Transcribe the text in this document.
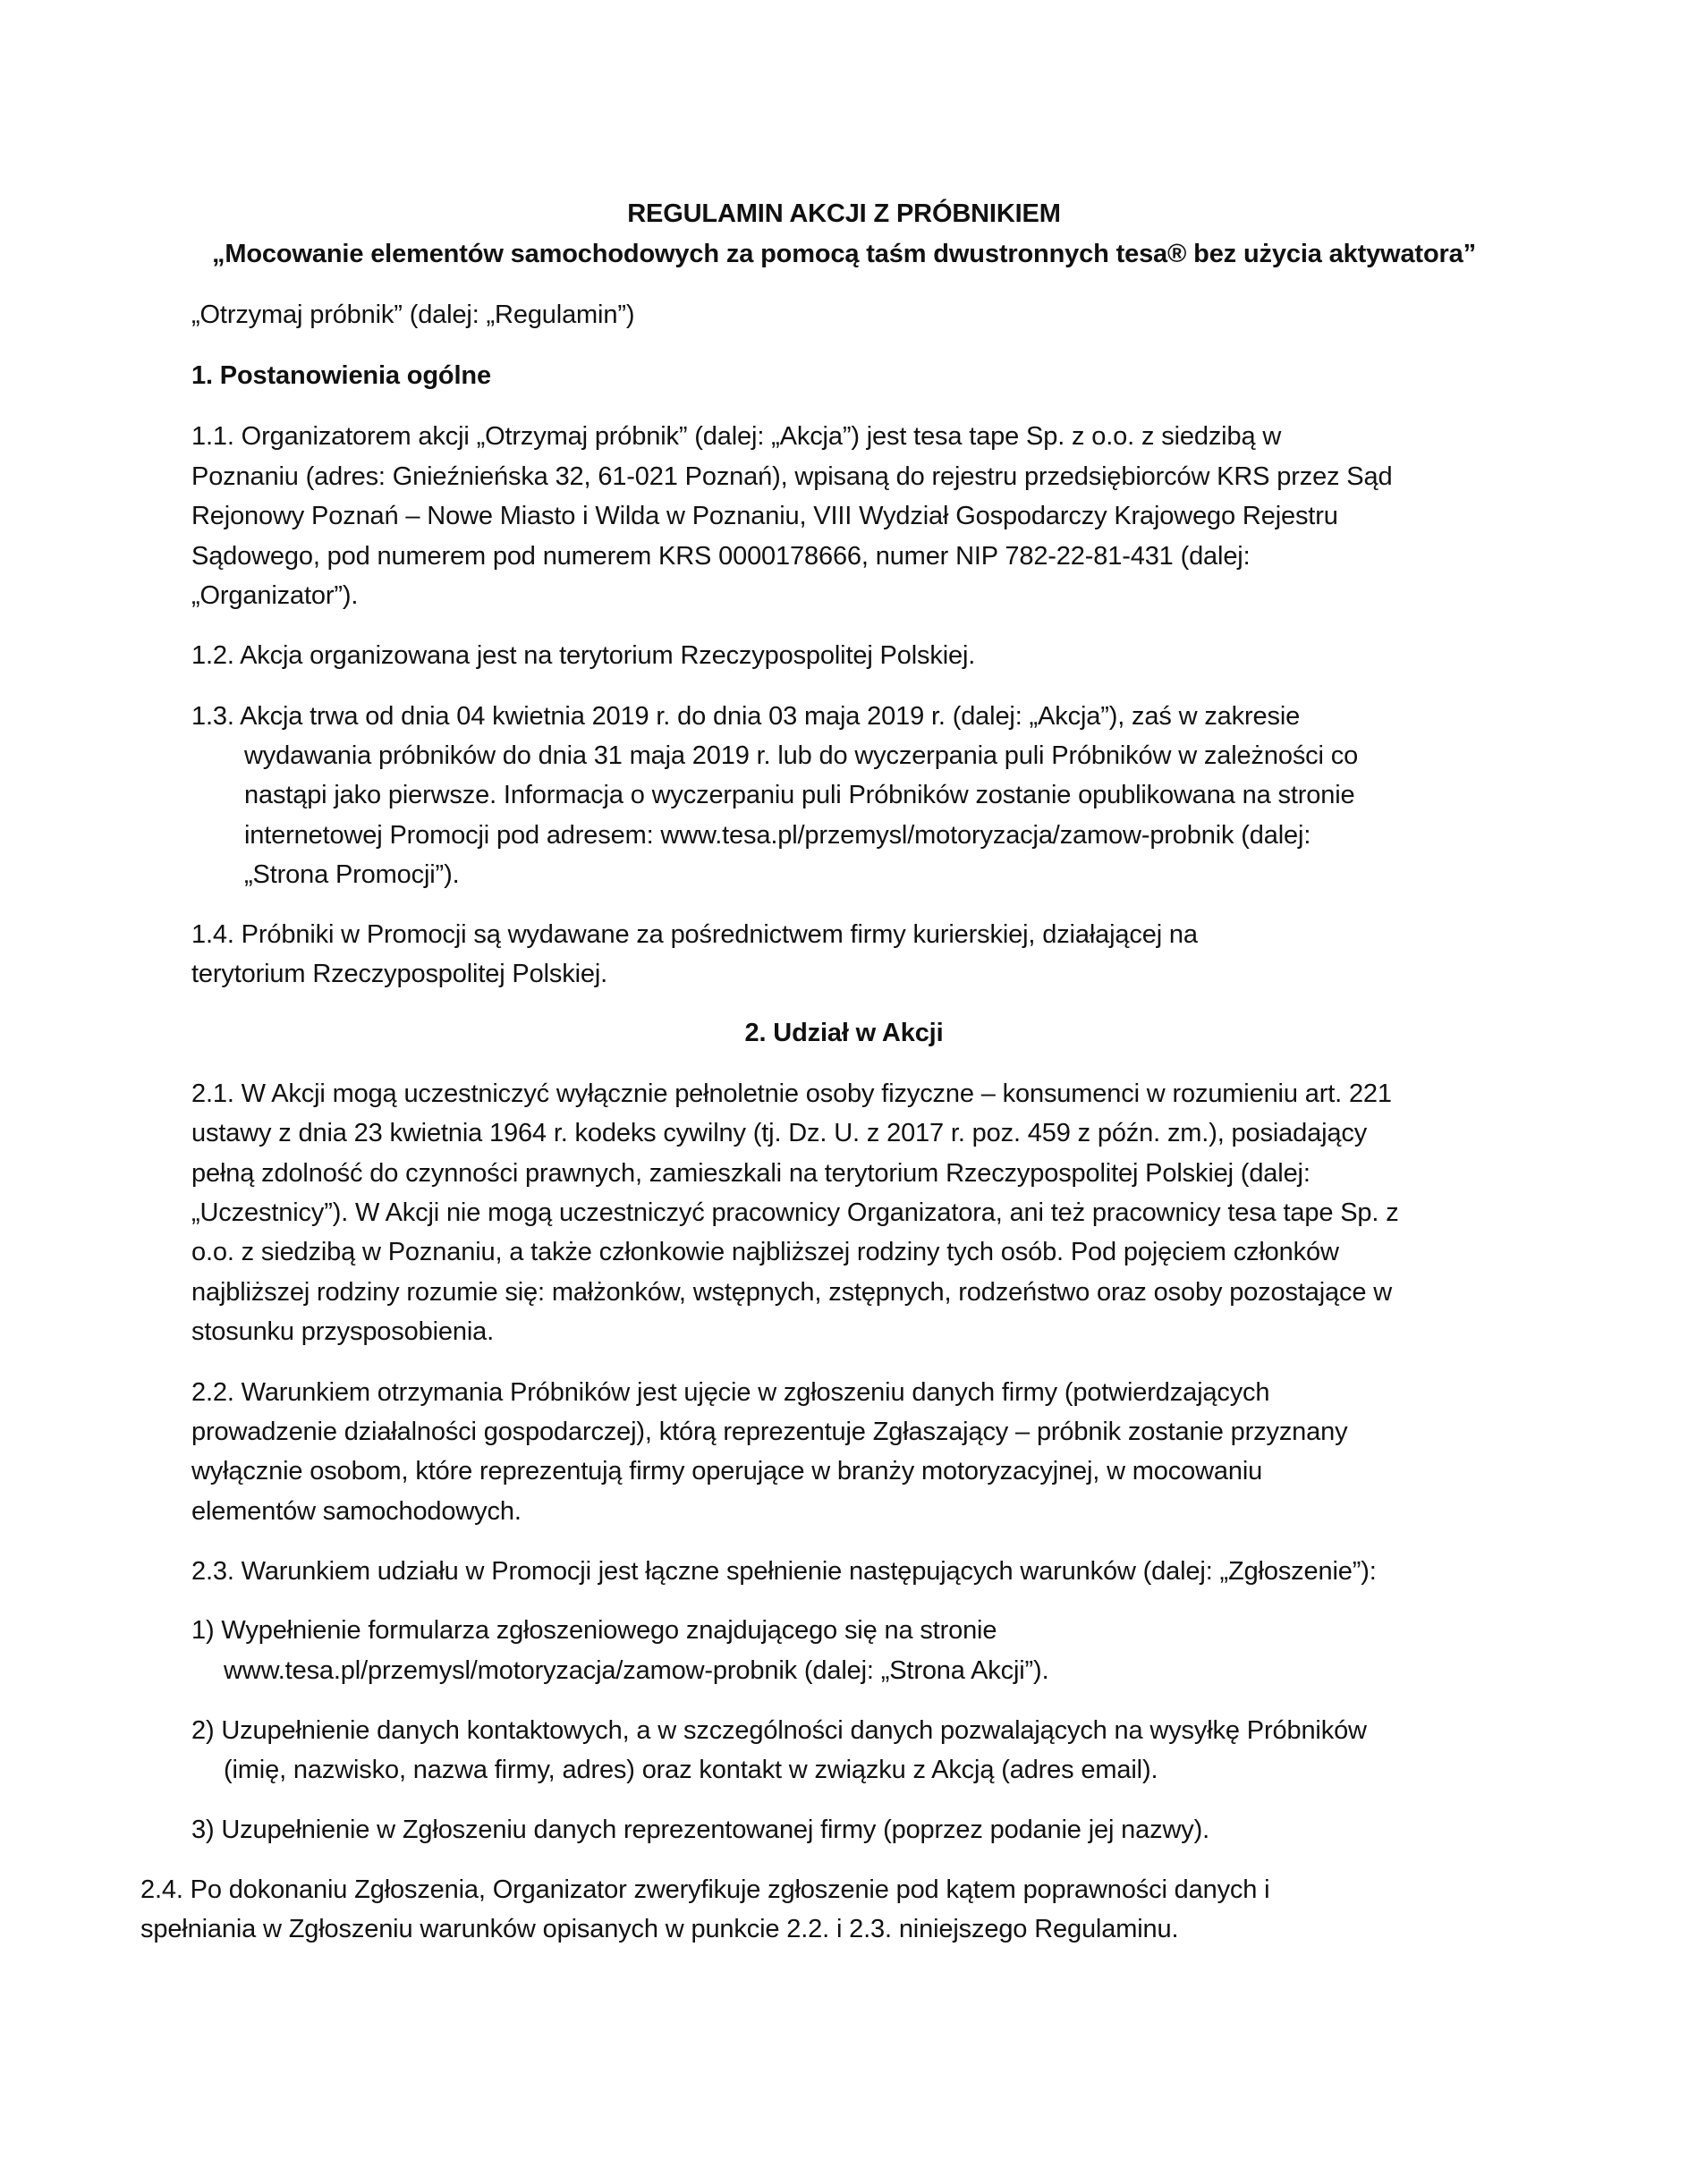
REGULAMIN AKCJI Z PRÓBNIKIEM
„Mocowanie elementów samochodowych za pomocą taśm dwustronnych tesa® bez użycia aktywatora”
„Otrzymaj próbnik” (dalej: „Regulamin”)
1. Postanowienia ogólne
1.1. Organizatorem akcji „Otrzymaj próbnik” (dalej: „Akcja”) jest tesa tape Sp. z o.o. z siedzibą w
Poznaniu (adres: Gnieźnieńska 32, 61-021 Poznań), wpisaną do rejestru przedsiębiorców KRS przez Sąd
Rejonowy Poznań – Nowe Miasto i Wilda w Poznaniu, VIII Wydział Gospodarczy Krajowego Rejestru
Sądowego, pod numerem pod numerem KRS 0000178666, numer NIP 782-22-81-431 (dalej:
„Organizator”).
1.2. Akcja organizowana jest na terytorium Rzeczypospolitej Polskiej.
1.3. Akcja trwa od dnia 04 kwietnia 2019 r. do dnia 03 maja 2019 r. (dalej: „Akcja”), zaś w zakresie
wydawania próbników do dnia 31 maja 2019 r. lub do wyczerpania puli Próbników w zależności co
nastąpi jako pierwsze. Informacja o wyczerpaniu puli Próbników zostanie opublikowana na stronie
internetowej Promocji pod adresem: www.tesa.pl/przemysl/motoryzacja/zamow-probnik (dalej:
„Strona Promocji”).
1.4. Próbniki w Promocji są wydawane za pośrednictwem firmy kurierskiej, działającej na
terytorium Rzeczypospolitej Polskiej.
2. Udział w Akcji
2.1. W Akcji mogą uczestniczyć wyłącznie pełnoletnie osoby fizyczne – konsumenci w rozumieniu art. 221
ustawy z dnia 23 kwietnia 1964 r. kodeks cywilny (tj. Dz. U. z 2017 r. poz. 459 z późn. zm.), posiadający
pełną zdolność do czynności prawnych, zamieszkali na terytorium Rzeczypospolitej Polskiej (dalej:
„Uczestnicy”). W Akcji nie mogą uczestniczyć pracownicy Organizatora, ani też pracownicy tesa tape Sp. z
o.o. z siedzibą w Poznaniu, a także członkowie najbliższej rodziny tych osób. Pod pojęciem członków
najbliższej rodziny rozumie się: małżonków, wstępnych, zstępnych, rodzeństwo oraz osoby pozostające w
stosunku przysposobienia.
2.2. Warunkiem otrzymania Próbników jest ujęcie w zgłoszeniu danych firmy (potwierdzających
prowadzenie działalności gospodarczej), którą reprezentuje Zgłaszający – próbnik zostanie przyznany
wyłącznie osobom, które reprezentują firmy operujące w branży motoryzacyjnej, w mocowaniu
elementów samochodowych.
2.3. Warunkiem udziału w Promocji jest łączne spełnienie następujących warunków (dalej: „Zgłoszenie”):
1) Wypełnienie formularza zgłoszeniowego znajdującego się na stronie
www.tesa.pl/przemysl/motoryzacja/zamow-probnik (dalej: „Strona Akcji”).
2) Uzupełnienie danych kontaktowych, a w szczególności danych pozwalających na wysyłkę Próbników
(imię, nazwisko, nazwa firmy, adres) oraz kontakt w związku z Akcją (adres email).
3) Uzupełnienie w Zgłoszeniu danych reprezentowanej firmy (poprzez podanie jej nazwy).
2.4. Po dokonaniu Zgłoszenia, Organizator zweryfikuje zgłoszenie pod kątem poprawności danych i
spełniania w Zgłoszeniu warunków opisanych w punkcie 2.2. i 2.3. niniejszego Regulaminu.
